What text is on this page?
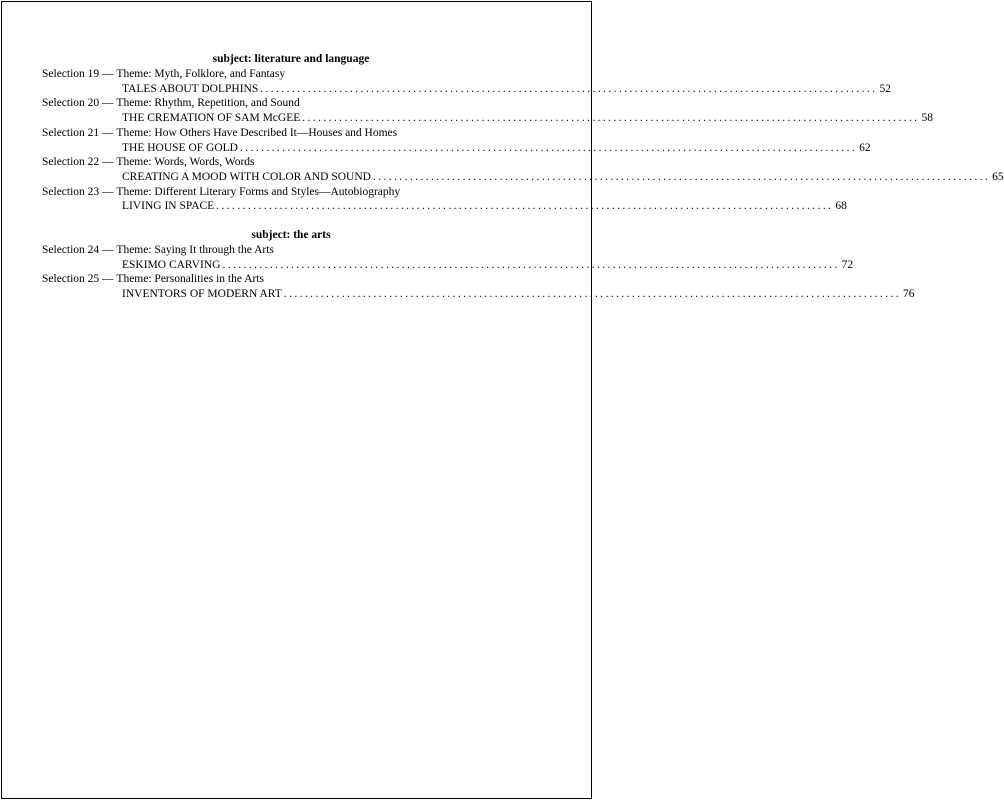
subject: literature and language
Selection 19 — Theme: Myth, Folklore, and Fantasy
TALES ABOUT DOLPHINS ..................................................................................................................... 52
Selection 20 — Theme: Rhythm, Repetition, and Sound
THE CREMATION OF SAM McGEE ..................................................................................................................... 58
Selection 21 — Theme: How Others Have Described It—Houses and Homes
THE HOUSE OF GOLD ..................................................................................................................... 62
Selection 22 — Theme: Words, Words, Words
CREATING A MOOD WITH COLOR AND SOUND ..................................................................................................................... 65
Selection 23 — Theme: Different Literary Forms and Styles—Autobiography
LIVING IN SPACE ..................................................................................................................... 68
subject: the arts
Selection 24 — Theme: Saying It through the Arts
ESKIMO CARVING ..................................................................................................................... 72
Selection 25 — Theme: Personalities in the Arts
INVENTORS OF MODERN ART ..................................................................................................................... 76
